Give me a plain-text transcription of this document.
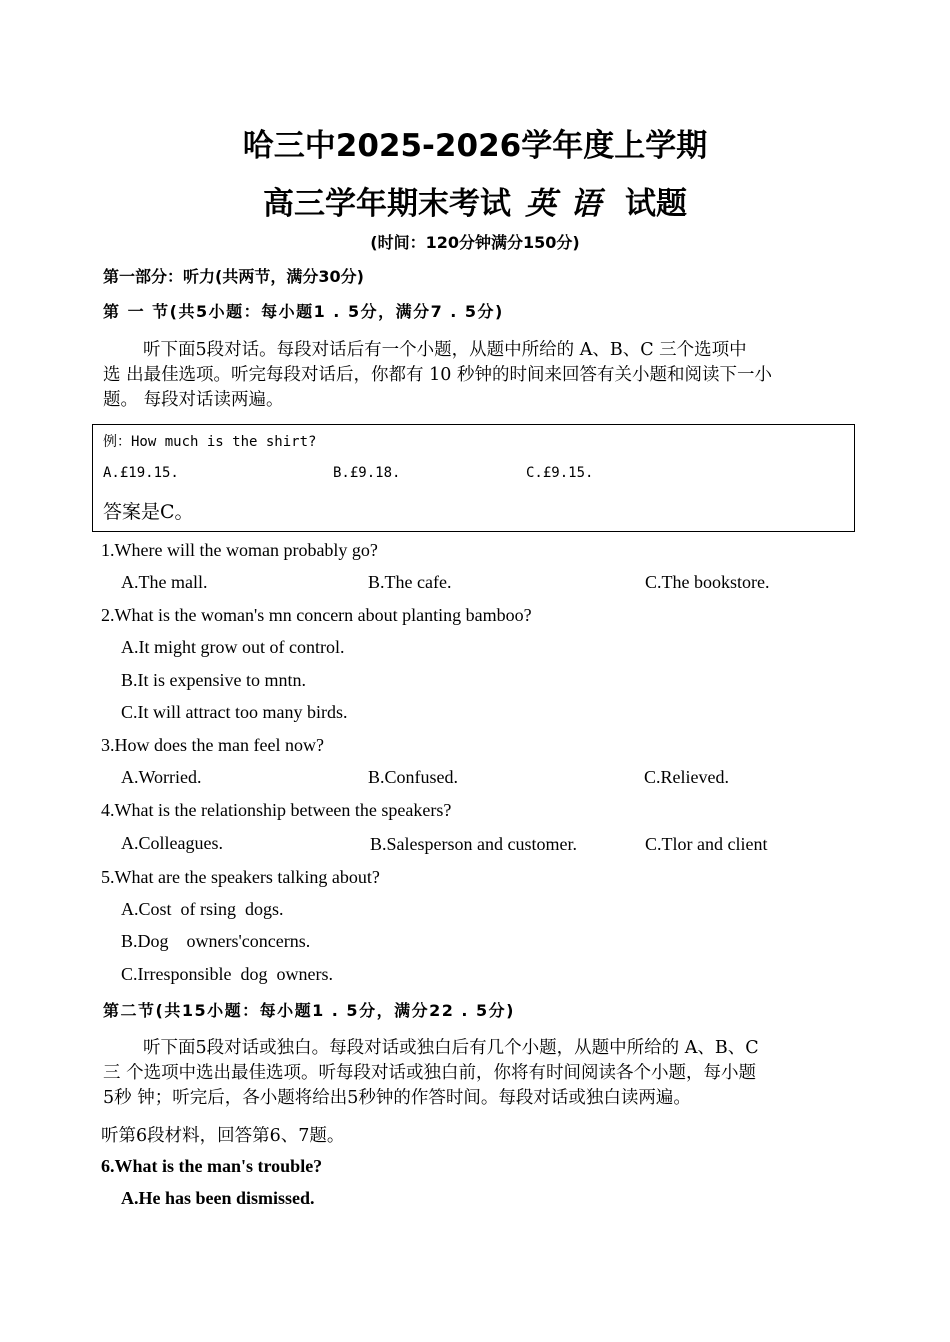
哈三中2025-2026学年度上学期
高三学年期末考试 英语 试题
(时间：120分钟满分150分)
第一部分：听力(共两节，满分30分)
第 一 节(共5小题：每小题1 . 5分，满分7 . 5分)
听下面5段对话。每段对话后有一个小题，从题中所给的 A、B、C 三个选项中
选 出最佳选项。听完每段对话后，你都有 10 秒钟的时间来回答有关小题和阅读下一小
题。 每段对话读两遍。
例：How much is the shirt?
A.£19.15.	B.£9.18.	C.£9.15.
答案是C。
1.Where will the woman probably go?
A.The mall.	B.The cafe.	C.The bookstore.
2.What is the woman's mn concern about planting bamboo?
A.It might grow out of control.
B.It is expensive to mntn.
C.It will attract too many birds.
3.How does the man feel now?
A.Worried.	B.Confused.	C.Relieved.
4.What is the relationship between the speakers?
A.Colleagues.	B.Salesperson and customer.	C.Tlor and client
5.What are the speakers talking about?
A.Cost  of rsing  dogs.
B.Dog    owners'concerns.
C.Irresponsible  dog  owners.
第二节(共15小题：每小题1 . 5分，满分22 . 5分)
听下面5段对话或独白。每段对话或独白后有几个小题，从题中所给的 A、B、C
三 个选项中选出最佳选项。听每段对话或独白前，你将有时间阅读各个小题，每小题
5秒 钟；听完后，各小题将给出5秒钟的作答时间。每段对话或独白读两遍。
听第6段材料，回答第6、7题。
6.What is the man's trouble?
A.He has been dismissed.
